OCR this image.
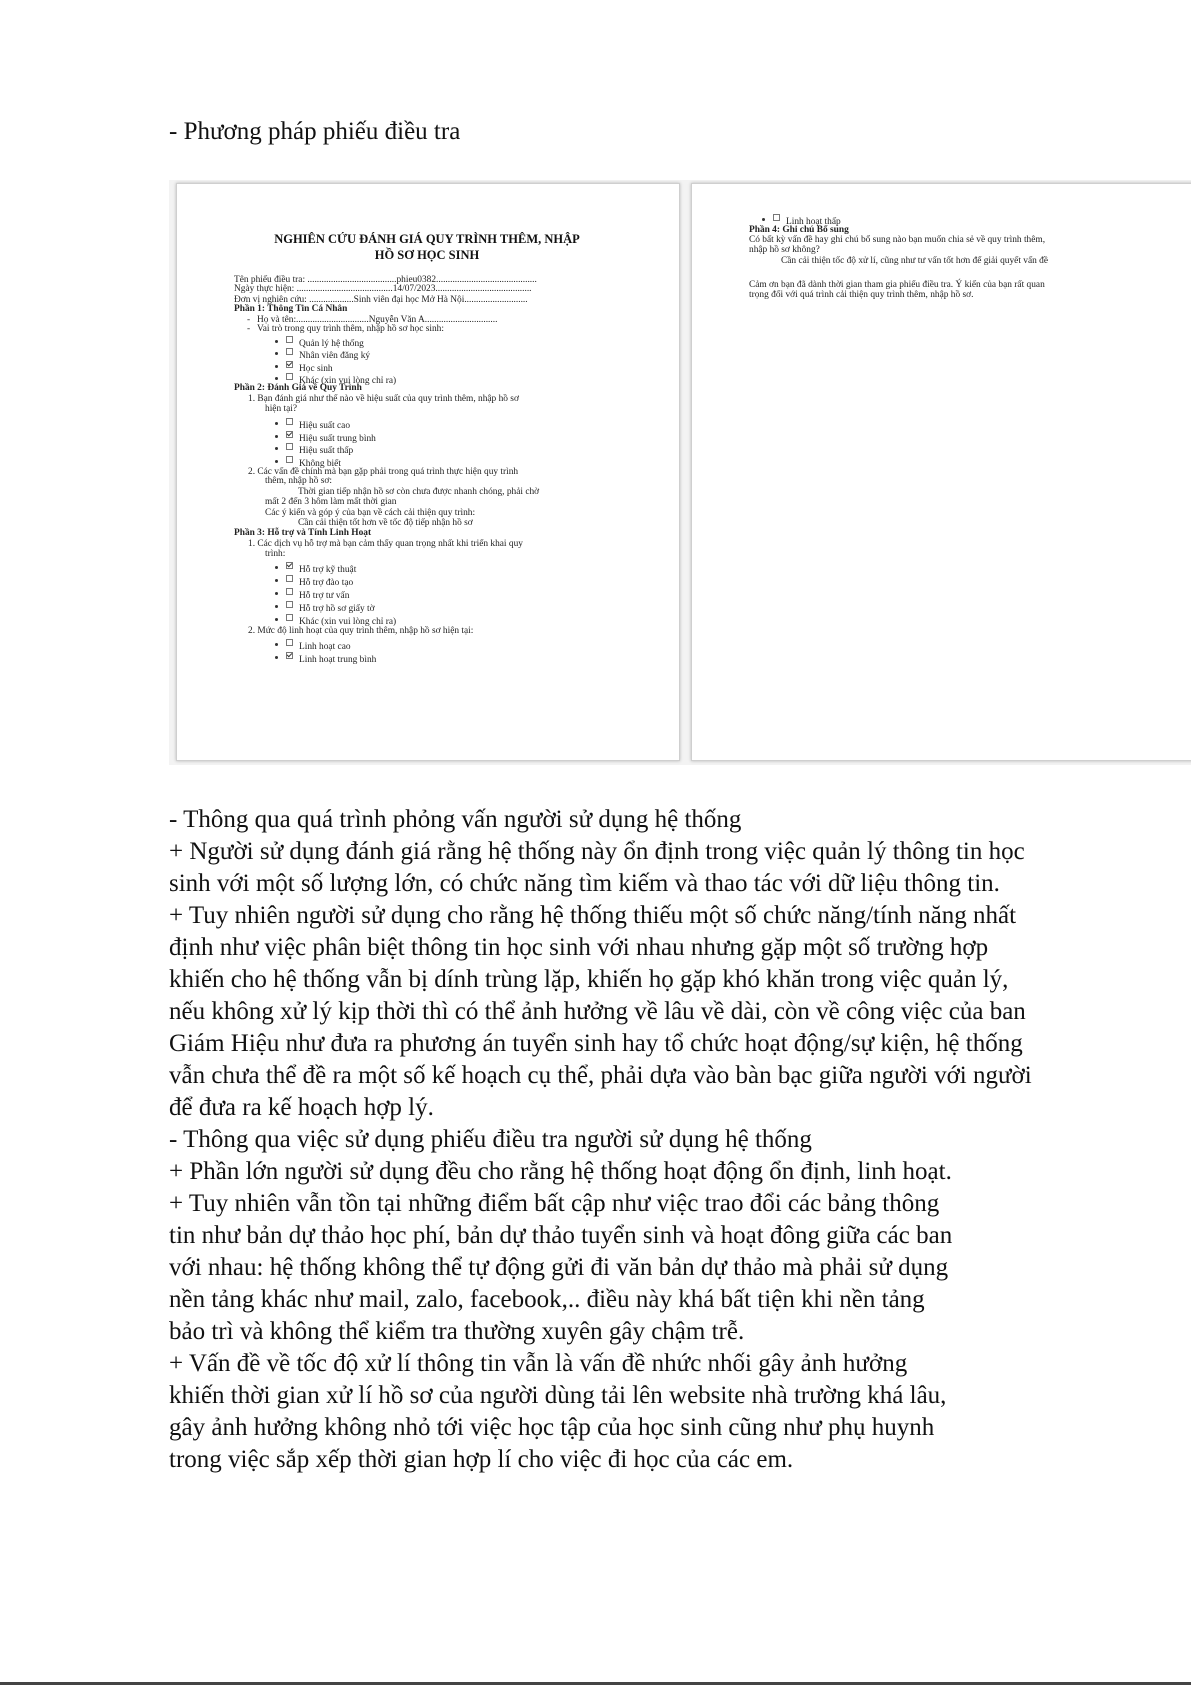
- Phương pháp phiếu điều tra
NGHIÊN CỨU ĐÁNH GIÁ QUY TRÌNH THÊM, NHẬP
HỒ SƠ HỌC SINH
Tên phiếu điều tra: ......................................phieu0382...........................................
Ngày thực hiện: .........................................14/07/2023.........................................
Đơn vị nghiên cứu: ...................Sinh viên đại học Mở Hà Nội...........................
Phần 1: Thông Tin Cá Nhân
- Họ và tên:...............................Nguyễn Văn A...............................
- Vai trò trong quy trình thêm, nhập hồ sơ học sinh:
Quản lý hệ thống
Nhân viên đăng ký
Học sinh
Khác (xin vui lòng chỉ ra)
Phần 2: Đánh Giá về Quy Trình
1. Bạn đánh giá như thế nào về hiệu suất của quy trình thêm, nhập hồ sơ
hiện tại?
Hiệu suất cao
Hiệu suất trung bình
Hiệu suất thấp
Không biết
2. Các vấn đề chính mà bạn gặp phải trong quá trình thực hiện quy trình
thêm, nhập hồ sơ:
Thời gian tiếp nhận hồ sơ còn chưa được nhanh chóng, phải chờ
mất 2 đến 3 hôm làm mất thời gian
Các ý kiến và góp ý của bạn về cách cải thiện quy trình:
Cần cải thiện tốt hơn về tốc độ tiếp nhận hồ sơ
Phần 3: Hỗ trợ và Tính Linh Hoạt
1. Các dịch vụ hỗ trợ mà bạn cảm thấy quan trọng nhất khi triển khai quy
trình:
Hỗ trợ kỹ thuật
Hỗ trợ đào tạo
Hỗ trợ tư vấn
Hỗ trợ hồ sơ giấy tờ
Khác (xin vui lòng chỉ ra)
2. Mức độ linh hoạt của quy trình thêm, nhập hồ sơ hiện tại:
Linh hoạt cao
Linh hoạt trung bình
Linh hoạt thấp
Phần 4: Ghi chú Bổ sung
Có bất kỳ vấn đề hay ghi chú bổ sung nào bạn muốn chia sẻ về quy trình thêm,
nhập hồ sơ không?
Cần cải thiện tốc độ xử lí, cũng như tư vấn tốt hơn để giải quyết vấn đề
Cảm ơn bạn đã dành thời gian tham gia phiếu điều tra. Ý kiến của bạn rất quan
trọng đối với quá trình cải thiện quy trình thêm, nhập hồ sơ.
- Thông qua quá trình phỏng vấn người sử dụng hệ thống
+ Người sử dụng đánh giá rằng hệ thống này ổn định trong việc quản lý thông tin học
sinh với một số lượng lớn, có chức năng tìm kiếm và thao tác với dữ liệu thông tin.
+ Tuy nhiên người sử dụng cho rằng hệ thống thiếu một số chức năng/tính năng nhất
định như việc phân biệt thông tin học sinh với nhau nhưng gặp một số trường hợp
khiến cho hệ thống vẫn bị dính trùng lặp, khiến họ gặp khó khăn trong việc quản lý,
nếu không xử lý kịp thời thì có thể ảnh hưởng về lâu về dài, còn về công việc của ban
Giám Hiệu như đưa ra phương án tuyển sinh hay tổ chức hoạt động/sự kiện, hệ thống
vẫn chưa thể đề ra một số kế hoạch cụ thể, phải dựa vào bàn bạc giữa người với người
để đưa ra kế hoạch hợp lý.
- Thông qua việc sử dụng phiếu điều tra người sử dụng hệ thống
+ Phần lớn người sử dụng đều cho rằng hệ thống hoạt động ổn định, linh hoạt.
+ Tuy nhiên vẫn tồn tại những điểm bất cập như việc trao đổi các bảng thông
tin như bản dự thảo học phí, bản dự thảo tuyển sinh và hoạt đông giữa các ban
với nhau: hệ thống không thể tự động gửi đi văn bản dự thảo mà phải sử dụng
nền tảng khác như mail, zalo, facebook,.. điều này khá bất tiện khi nền tảng
bảo trì và không thể kiểm tra thường xuyên gây chậm trễ.
+ Vấn đề về tốc độ xử lí thông tin vẫn là vấn đề nhức nhối gây ảnh hưởng
khiến thời gian xử lí hồ sơ của người dùng tải lên website nhà trường khá lâu,
gây ảnh hưởng không nhỏ tới việc học tập của học sinh cũng như phụ huynh
trong việc sắp xếp thời gian hợp lí cho việc đi học của các em.
